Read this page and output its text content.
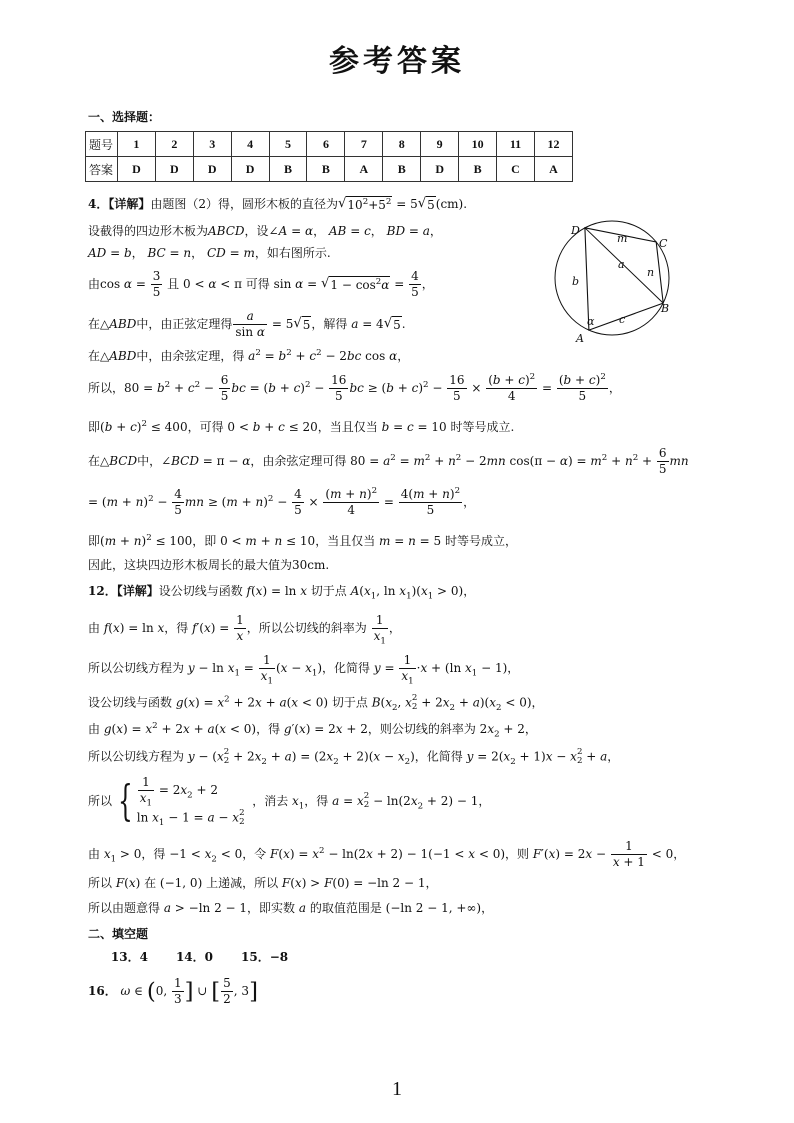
参考答案
一、选择题：
题号	1	2	3	4	5	6	7	8	9	10	11	12
答案	D	D	D	D	B	B	A	B	D	B	C	A
4．【详解】由题图（2）得，圆形木板的直径为 √ $10^2+5^2 = 5$ √ 5 (cm).
设截得的四边形木板为ABCD，设∠A = α， AB = c， BD = a，
AD = b， BC = n， CD = m，如右图所示.
由$\cos \alpha = \frac{3}{5}$ 且 0 < α < π 可得 sin α = √ $1 - \cos^2\alpha = \frac{4}{5}$ ，
在△ABD中，由正弦定理得 $\frac{a}{\text{sin α}} = 5$ √ 5 ，解得 a = 4 √ 5 .
在△ABD中，由余弦定理，得 $a^2 = b^2 + c^2 - 2bc$ cos α，
所以，$80 = b^2 + c^2 - \frac{6}{5}$ bc = $(b + c)^2 - \frac{16}{5}$ bc ≥ $(b + c)^2 - \frac{16}{5} \times \frac{(b + c)^2}{4} = \frac{(b + c)^2}{5}$ ，
即$(b + c)^2 \le 400$，可得 0 < b + c ≤ 20，当且仅当 b = c = 10 时等号成立.
在△BCD中，∠BCD = π − α，由余弦定理可得 $80 = a^2 = m^2 + n^2 - 2mn$ $\cos(\pi - \alpha) = m^2 + n^2 + \frac{6}{5}$ mn
= $(m + n)^2 - \frac{4}{5}$ mn ≥ $(m + n)^2 - \frac{4}{5} \times \frac{(m + n)^2}{4} = \frac{4(m + n)^2}{5}$ ，
即$(m + n)^2 \le 100$，即 0 < m + n ≤ 10，当且仅当 m = n = 5 时等号成立，
因此，这块四边形木板周长的最大值为30cm.
D
C
B
A
m
n
a
b
c
α
12．【详解】设公切线与函数 f(x) = ln x 切于点 $A(x_1$, $\ln x_1)(x_1 > 0)$，
由 f(x) = ln x，得 $f'(x) = \frac{1}{x}$ ，所以公切线的斜率为 $\frac{1}{x_1}$ ，
所以公切线方程为 $y - \ln x_1 = \frac{1}{x_1} (x - x_1)$，化简得 $y = \frac{1}{x_1} \cdot x + (\ln$ $x_1 - 1$)，
设公切线与函数 $g(x) = x^2 + 2x + a(x < 0)$ 切于点 $B(x_2$, x 2
$2 + 2x_2 + a)(x_2 < 0)$，
由 $g(x) = x^2 + 2x + a(x < 0)$，得 g′(x) = 2x + 2，则公切线的斜率为 $2x_2 + 2$，
所以公切线方程为 y − (x 2
$2 + 2x_2 + a) = (2x_2 + 2)(x - x_2)$，化简得 $y = 2(x_2 + 1)x - x$ 2
2 + a，
所以 { $\frac{1}{x_1} = 2x_2 + 2$
$\ln x_1 - 1 = a - x$ 2
2
，消去 $x_1$，得 a = x 2
$2 - \ln(2x_2 + 2) - 1$，
由 $x_1 > 0$，得 $-1 < x_2 < 0$，令 $F(x) = x^2 - \ln(2x + 2) - 1(-1 < x < 0)$，则 $F'(x) = 2x - \frac{1}{x + 1} < 0$，
所以 F(x) 在 (−1, 0) 上递减，所以 F(x) > F(0) = −ln 2 − 1，
所以由题意得 a > −ln 2 − 1，即实数 a 的取值范围是 (−ln 2 − 1, +∞)，
二、填空题

13．4 14．0 15．−8

16． ω ∈ (0, $\frac{1}{3}$ ] ∪ [ $\frac{5}{2}$ , 3]
1
